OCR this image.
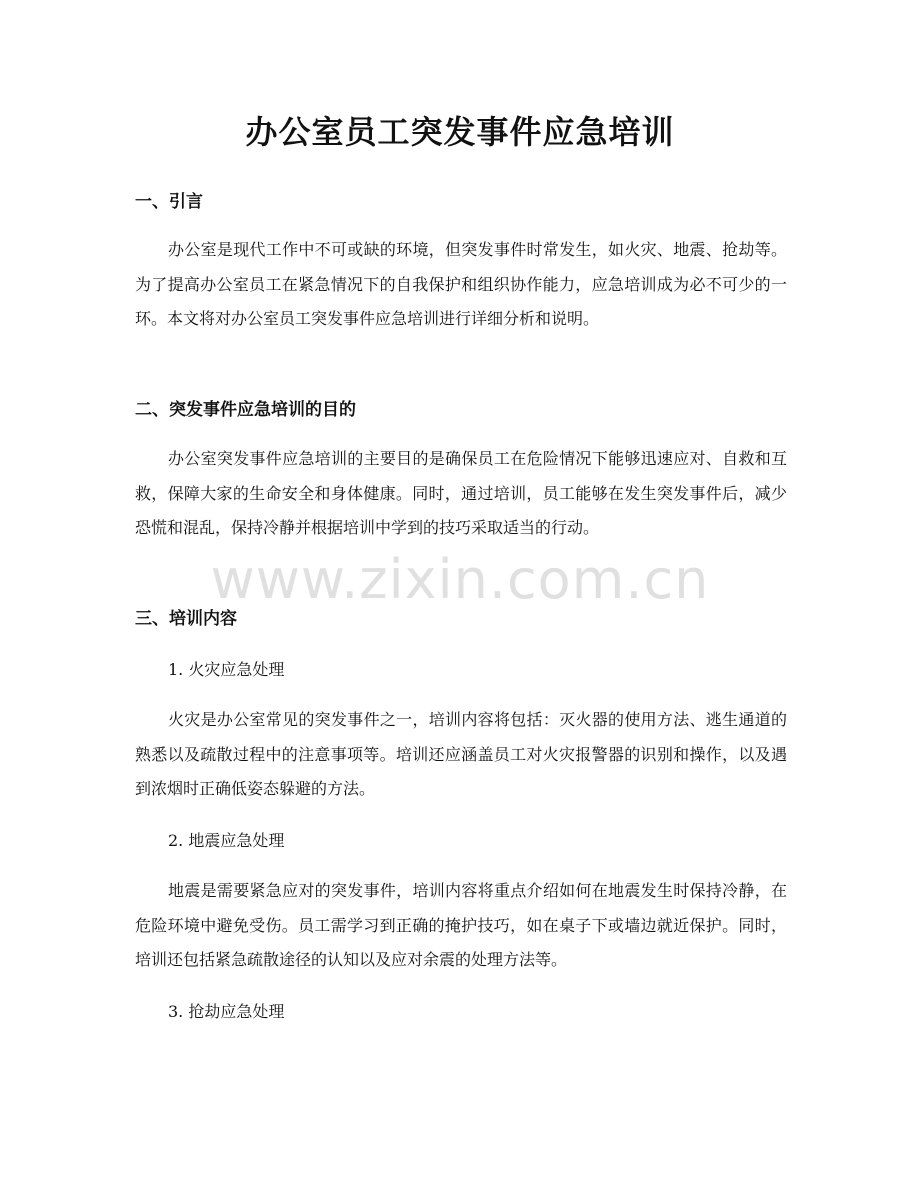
办公室员工突发事件应急培训
一、引言

办公室是现代工作中不可或缺的环境，但突发事件时常发生，如火灾、地震、抢劫等。为了提高办公室员工在紧急情况下的自我保护和组织协作能力，应急培训成为必不可少的一环。本文将对办公室员工突发事件应急培训进行详细分析和说明。

二、突发事件应急培训的目的

办公室突发事件应急培训的主要目的是确保员工在危险情况下能够迅速应对、自救和互救，保障大家的生命安全和身体健康。同时，通过培训，员工能够在发生突发事件后，减少恐慌和混乱，保持冷静并根据培训中学到的技巧采取适当的行动。

三、培训内容

1. 火灾应急处理

火灾是办公室常见的突发事件之一，培训内容将包括：灭火器的使用方法、逃生通道的熟悉以及疏散过程中的注意事项等。培训还应涵盖员工对火灾报警器的识别和操作，以及遇到浓烟时正确低姿态躲避的方法。

2. 地震应急处理

地震是需要紧急应对的突发事件，培训内容将重点介绍如何在地震发生时保持冷静，在危险环境中避免受伤。员工需学习到正确的掩护技巧，如在桌子下或墙边就近保护。同时，培训还包括紧急疏散途径的认知以及应对余震的处理方法等。

3. 抢劫应急处理

www.zixin.com.cn
